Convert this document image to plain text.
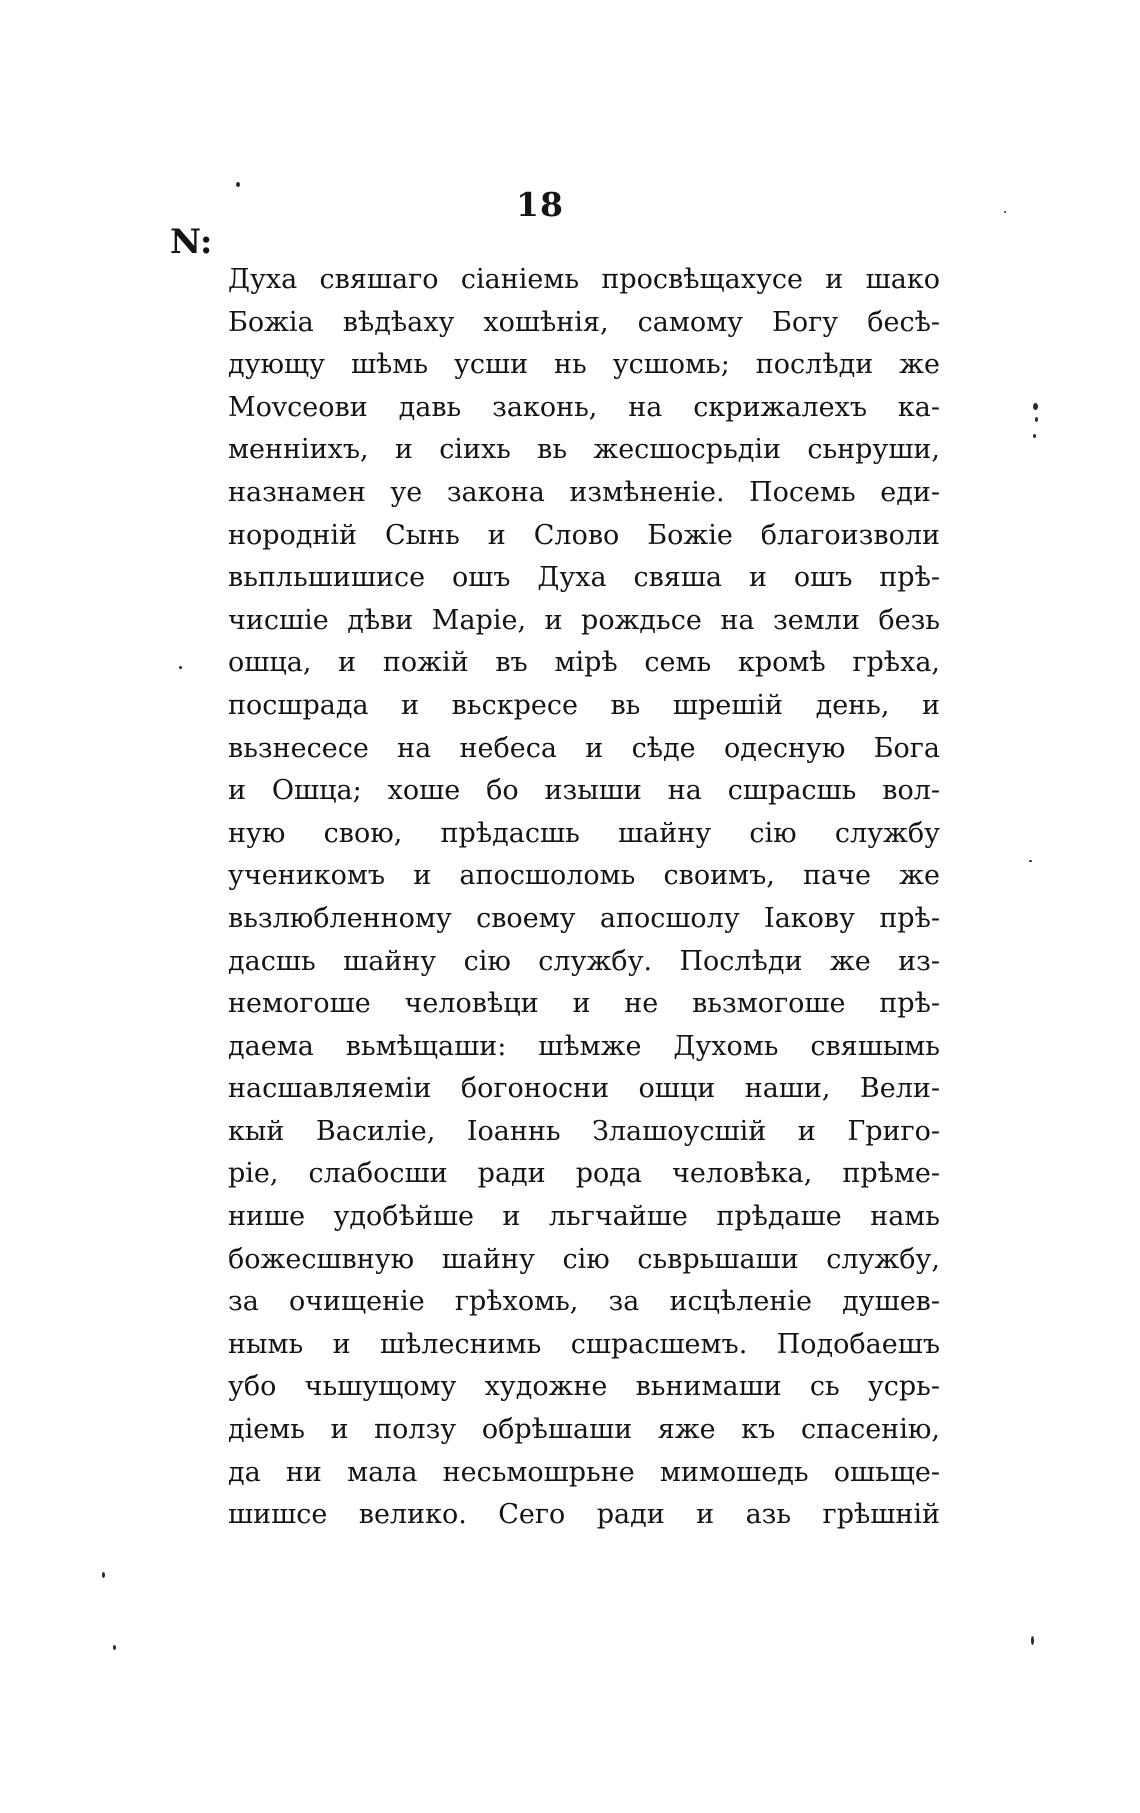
18
N:
Духа свяшаго сіаніемь просвѣщахусе и шако
Божіа вѣдѣаху хошѣнія, самому Богу бесѣ-
дующу шѣмь усши нь усшомь; послѣди же
Моvсеови давь законь, на скрижалехъ ка-
менніихъ, и сіихь вь жесшосрьдіи сьнруши,
назнамен уе закона измѣненіе. Посемь еди-
нородній Сынь и Слово Божіе благоизволи
вьпльшишисе ошъ Духа свяша и ошъ прѣ-
чисшіе дѣви Маріе, и рождьсе на земли безь
ошца, и пожій въ мірѣ семь кромѣ грѣха,
посшрада и вьскресе вь шрешій день, и
вьзнесесе на небеса и сѣде одесную Бога
и Ошца; хоше бо изыши на сшрасшь вол-
ную свою, прѣдасшь шайну сію службу
ученикомъ и aпосшоломь своимъ, паче же
вьзлюбленному своему апосшолу Іакову прѣ-
дасшь шайну сію службу. Послѣди же из-
немогоше человѣци и не вьзмогоше прѣ-
даема вьмѣщаши: шѣмже Духомь свяшымь
насшавляеміи богоносни ошци наши, Вели-
кый Василіе, Іоаннь Злашоусшій и Григо-
ріе, слабосши ради рода человѣка, прѣме-
нише удобѣйше и льгчайше прѣдаше намь
божесшвную шайну сію сьврьшаши службу,
за очищеніе грѣхомь, за исцѣленіе душев-
нымь и шѣлеснимь сшрасшемъ. Подобаешъ
убо чьшущому художне вьнимаши сь усрь-
діемь и ползу обрѣшаши яже къ спасенію,
да ни мала несьмошрьне мимошедь ошьще-
шишсе велико. Сего ради и азь грѣшній
